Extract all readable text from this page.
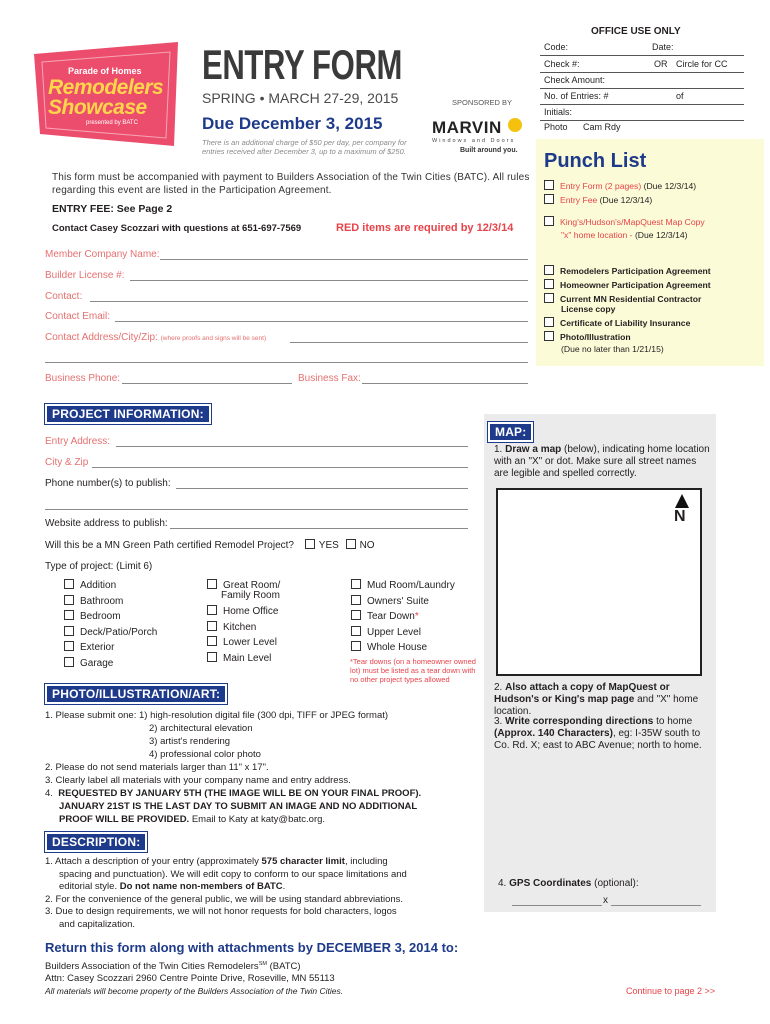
OFFICE USE ONLY
Code:	Date:
Check #:	OR Circle for CC
Check Amount:
No. of Entries: #	of
Initials:
Photo Cam Rdy
Parade of Homes
Remodelers
Showcase
presented by BATC
ENTRY FORM
SPRING • MARCH 27-29, 2015	SPONSORED BY
Due December 3, 2015
There is an additional charge of $50 per day, per company for entries received after December 3, up to a maximum of $250.
MARVIN
Windows and Doors
Built around you. Punch List
Entry Form (2 pages) (Due 12/3/14)
Entry Fee (Due 12/3/14)
King's/Hudson's/MapQuest Map Copy
"x" home location - (Due 12/3/14)
Remodelers Participation Agreement
Homeowner Participation Agreement
Current MN Residential Contractor
License copy
Certificate of Liability Insurance
Photo/Illustration
(Due no later than 1/21/15)
This form must be accompanied with payment to Builders Association of the Twin Cities (BATC). All rules regarding this event are listed in the Participation Agreement.
ENTRY FEE: See Page 2
Contact Casey Scozzari with questions at 651-697-7569	RED items are required by 12/3/14
Member Company Name:
Builder License #:
Contact:
Contact Email:
Contact Address/City/Zip: (where proofs and signs will be sent)
Business Phone:	Business Fax:
PROJECT INFORMATION:
Entry Address:
City & Zip
Phone number(s) to publish:
Website address to publish:
Will this be a MN Green Path certified Remodel Project? YES NO
Type of project: (Limit 6)
Addition
Bathroom
Bedroom
Deck/Patio/Porch
Exterior
Garage
Great Room/
Family Room
Home Office
Kitchen
Lower Level
Main Level
Mud Room/Laundry
Owners' Suite
Tear Down*
Upper Level
Whole House
*Tear downs (on a homeowner owned lot) must be listed as a tear down with no other project types allowed
MAP:
1. Draw a map (below), indicating home location with an "X" or dot. Make sure all street names are legible and spelled correctly.
N
2. Also attach a copy of MapQuest or Hudson's or King's map page and "X" home location.
3. Write corresponding directions to home (Approx. 140 Characters), eg: I-35W south to Co. Rd. X; east to ABC Avenue; north to home.
4. GPS Coordinates (optional):
x
PHOTO/ILLUSTRATION/ART:
1. Please submit one: 1) high-resolution digital file (300 dpi, TIFF or JPEG format)
2) architectural elevation
3) artist's rendering
4) professional color photo
2. Please do not send materials larger than 11" x 17".
3. Clearly label all materials with your company name and entry address.
4.  REQUESTED BY JANUARY 5TH (THE IMAGE WILL BE ON YOUR FINAL PROOF).
JANUARY 21ST IS THE LAST DAY TO SUBMIT AN IMAGE AND NO ADDITIONAL
PROOF WILL BE PROVIDED. Email to Katy at katy@batc.org.
DESCRIPTION:
1. Attach a description of your entry (approximately 575 character limit, including
spacing and punctuation). We will edit copy to conform to our space limitations and
editorial style. Do not name non-members of BATC.
2. For the convenience of the general public, we will be using standard abbreviations.
3. Due to design requirements, we will not honor requests for bold characters, logos
and capitalization.
Return this form along with attachments by DECEMBER 3, 2014 to:
Builders Association of the Twin Cities Remodelers℠ (BATC)
Attn: Casey Scozzari 2960 Centre Pointe Drive, Roseville, MN 55113
All materials will become property of the Builders Association of the Twin Cities.	Continue to page 2 >>
